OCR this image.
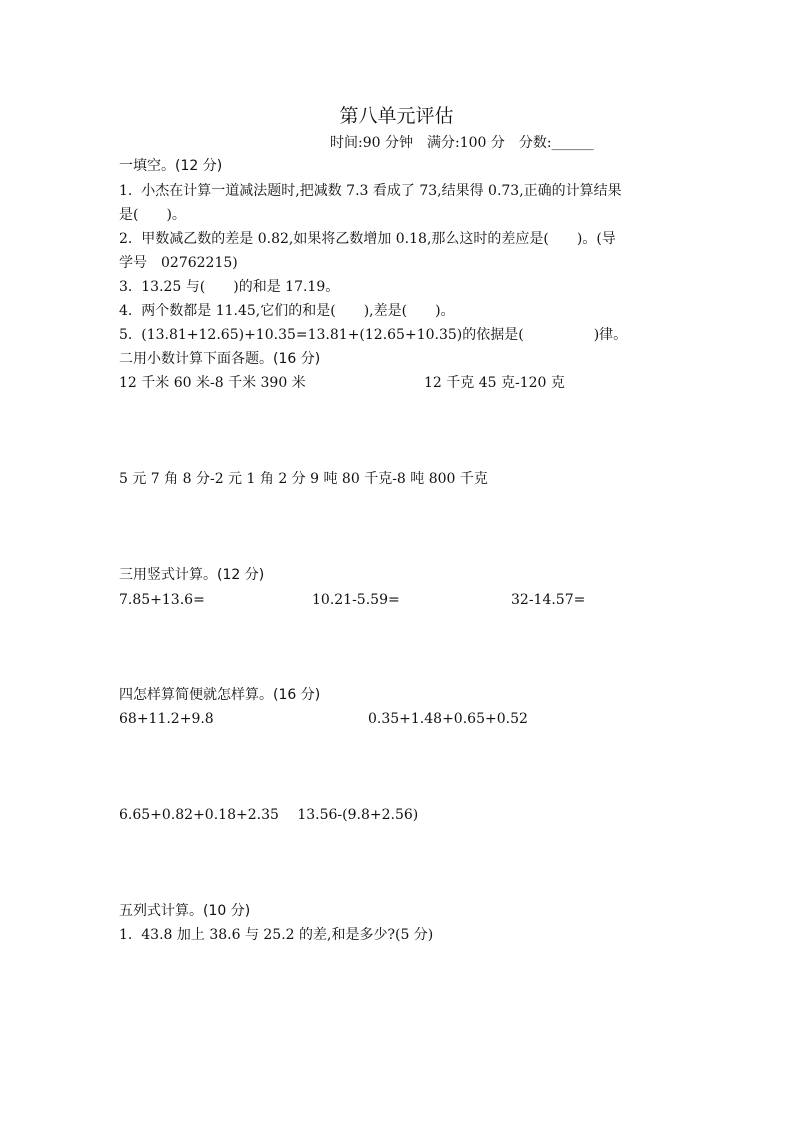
第八单元评估
时间:90 分钟　满分:100 分　分数:______
一填空。(12 分)
1.  小杰在计算一道减法题时,把减数 7.3 看成了 73,结果得 0.73,正确的计算结果
是(　　)。
2.  甲数减乙数的差是 0.82,如果将乙数增加 0.18,那么这时的差应是(　　)。(导
学号　02762215)
3.  13.25 与(　　)的和是 17.19。
4.  两个数都是 11.45,它们的和是(　　),差是(　　)。
5.  (13.81+12.65)+10.35=13.81+(12.65+10.35)的依据是(　　　　　)律。
二用小数计算下面各题。(16 分)
12 千米 60 米-8 千米 390 米	12 千克 45 克-120 克
5 元 7 角 8 分-2 元 1 角 2 分 9 吨 80 千克-8 吨 800 千克
三用竖式计算。(12 分)
7.85+13.6=	10.21-5.59=	32-14.57=
四怎样算简便就怎样算。(16 分)
68+11.2+9.8	0.35+1.48+0.65+0.52
6.65+0.82+0.18+2.35　 13.56-(9.8+2.56)
五列式计算。(10 分)
1.  43.8 加上 38.6 与 25.2 的差,和是多少?(5 分)
